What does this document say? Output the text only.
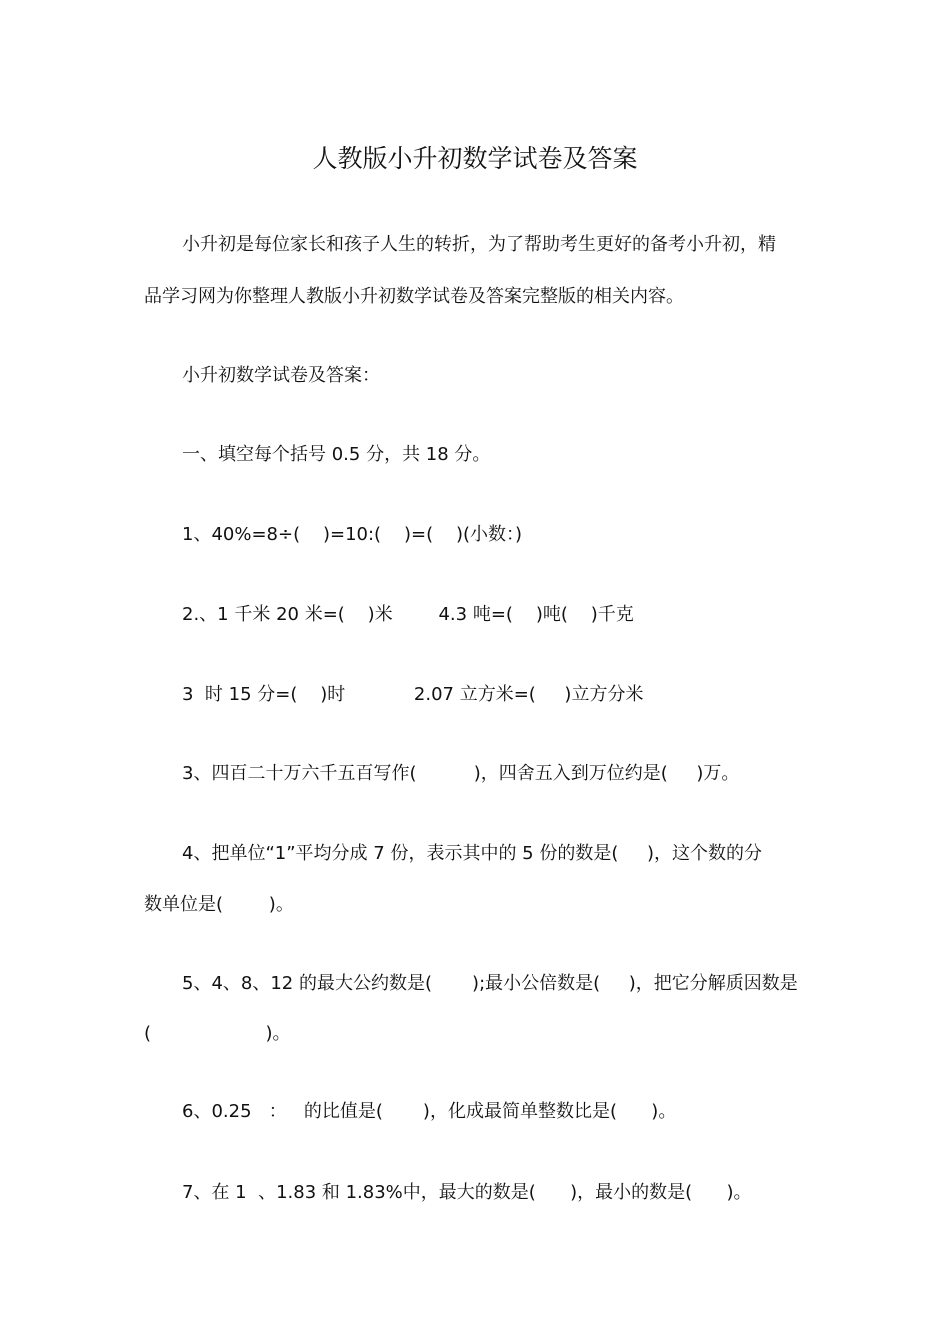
人教版小升初数学试卷及答案

小升初是每位家长和孩子人生的转折，为了帮助考生更好的备考小升初，精

品学习网为你整理人教版小升初数学试卷及答案完整版的相关内容。

小升初数学试卷及答案：

一、填空每个括号 0.5 分，共 18 分。

1、40%=8÷(    )=10:(    )=(    )(小数：)

2.、1 千米 20 米=(    )米        4.3 吨=(    )吨(    )千克

3  时 15 分=(    )时            2.07 立方米=(     )立方分米

3、四百二十万六千五百写作(          )，四舍五入到万位约是(     )万。

4、把单位“1”平均分成 7 份，表示其中的 5 份的数是(     )，这个数的分

数单位是(        )。

5、4、8、12 的最大公约数是(       );最小公倍数是(     )，把它分解质因数是

(                    )。

6、0.25   ：   的比值是(       )，化成最简单整数比是(      )。

7、在 1  、1.83 和 1.83%中，最大的数是(      )，最小的数是(      )。
